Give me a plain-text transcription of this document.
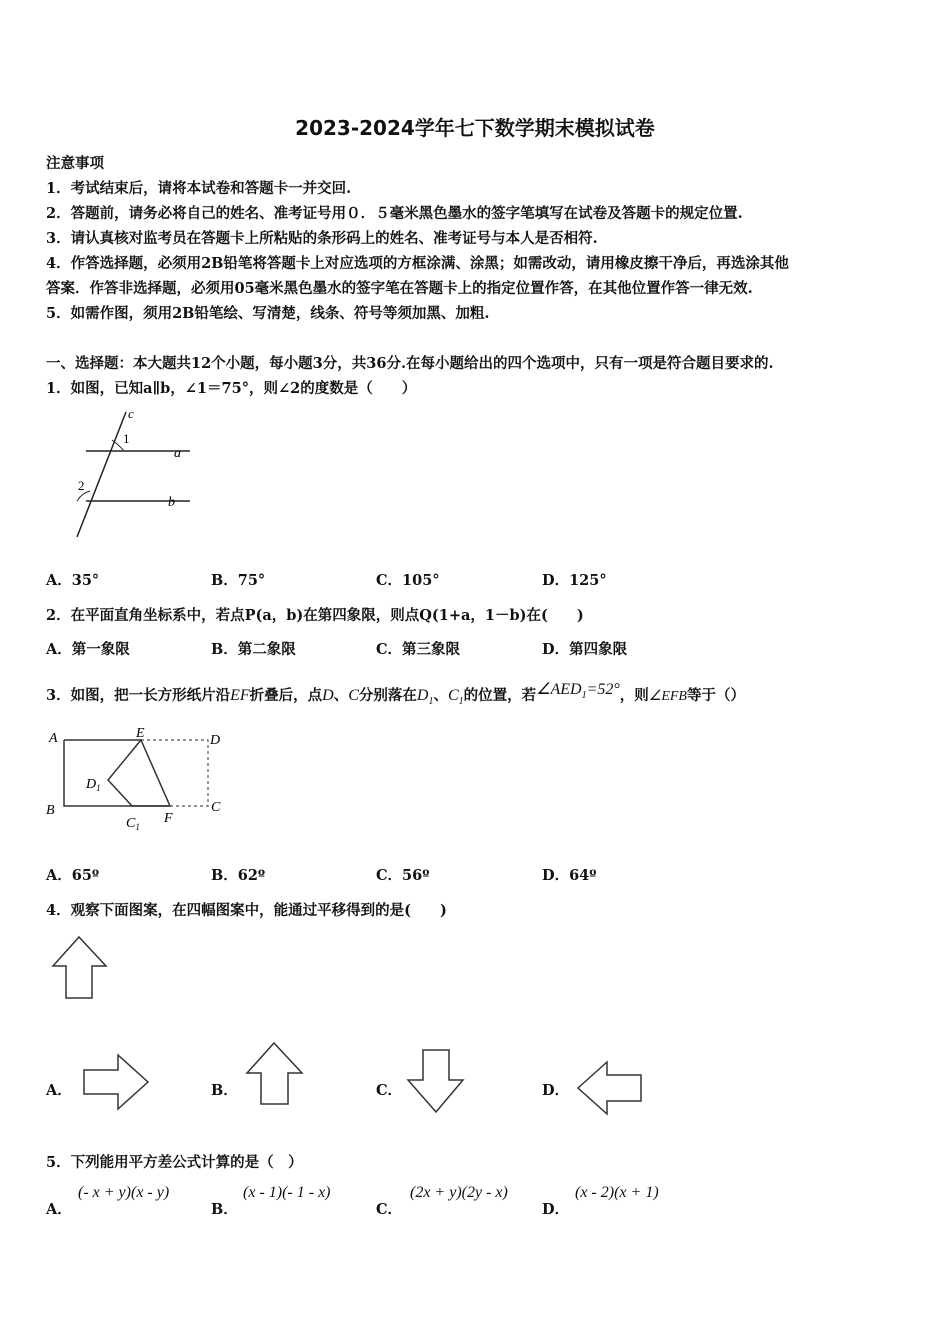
2023-2024学年七下数学期末模拟试卷
注意事项
1．考试结束后，请将本试卷和答题卡一并交回.
2．答题前，请务必将自己的姓名、准考证号用０．５毫米黑色墨水的签字笔填写在试卷及答题卡的规定位置.
3．请认真核对监考员在答题卡上所粘贴的条形码上的姓名、准考证号与本人是否相符.
4．作答选择题，必须用2B铅笔将答题卡上对应选项的方框涂满、涂黑；如需改动，请用橡皮擦干净后，再选涂其他
答案．作答非选择题，必须用05毫米黑色墨水的签字笔在答题卡上的指定位置作答，在其他位置作答一律无效.
5．如需作图，须用2B铅笔绘、写清楚，线条、符号等须加黑、加粗.
一、选择题：本大题共12个小题，每小题3分，共36分.在每小题给出的四个选项中，只有一项是符合题目要求的.
1．如图，已知a∥b，∠1＝75°，则∠2的度数是（　　）
c
1
a
2
b
A．35°	B．75°	C．105°	D．125°
2．在平面直角坐标系中，若点P(a，b)在第四象限，则点Q(1+a，1－b)在(　　)
A．第一象限	B．第二象限	C．第三象限	D．第四象限
3．如图，把一长方形纸片沿EF折叠后，点D、C分别落在$D_1$、$C_1$的位置，若$\angle AED_1=52^\circ$，则∠EFB等于（）
A	E	D
$D_1$
B	C
$C_1$
F
A．65º	B．62º	C．56º	D．64º
4．观察下面图案，在四幅图案中，能通过平移得到的是(　　)
A．	B．	C．	D．
5．下列能用平方差公式计算的是（　）
A．
(- x + y)(x - y)
B．
(x - 1)(- 1 - x)
C．
(2x + y)(2y - x)
D．
(x - 2)(x + 1)
